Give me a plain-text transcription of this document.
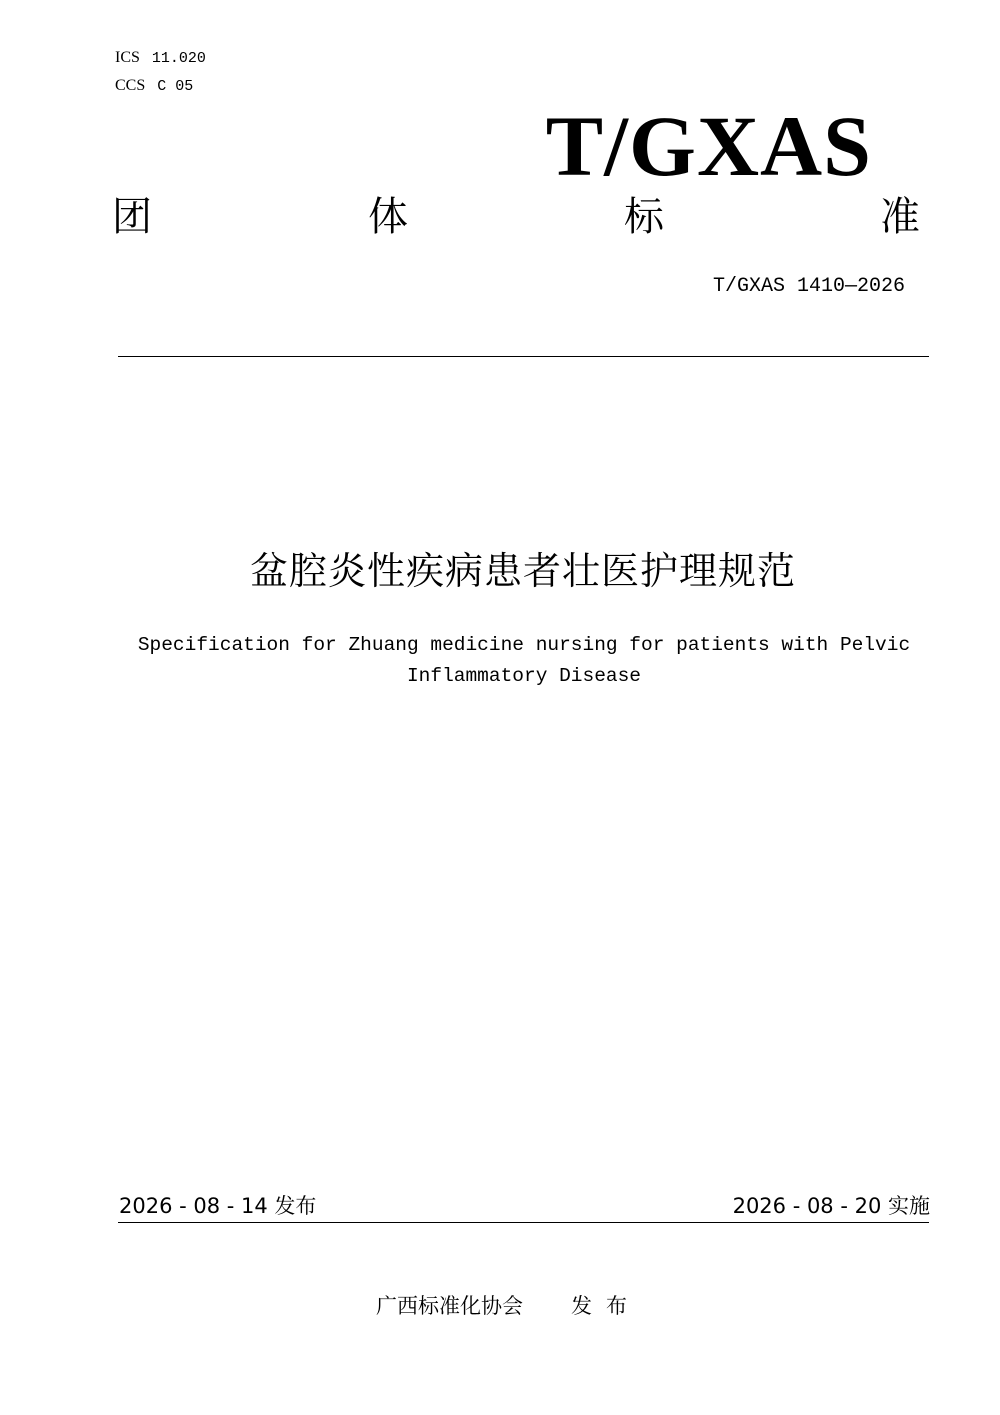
ICS 11.020
CCS C 05
T/GXAS
团	体	标	准
T/GXAS 1410—2026
盆腔炎性疾病患者壮医护理规范
Specification for Zhuang medicine nursing for patients with Pelvic Inflammatory Disease
2026 - 08 - 14 发布	2026 - 08 - 20 实施
广西标准化协会 发布
